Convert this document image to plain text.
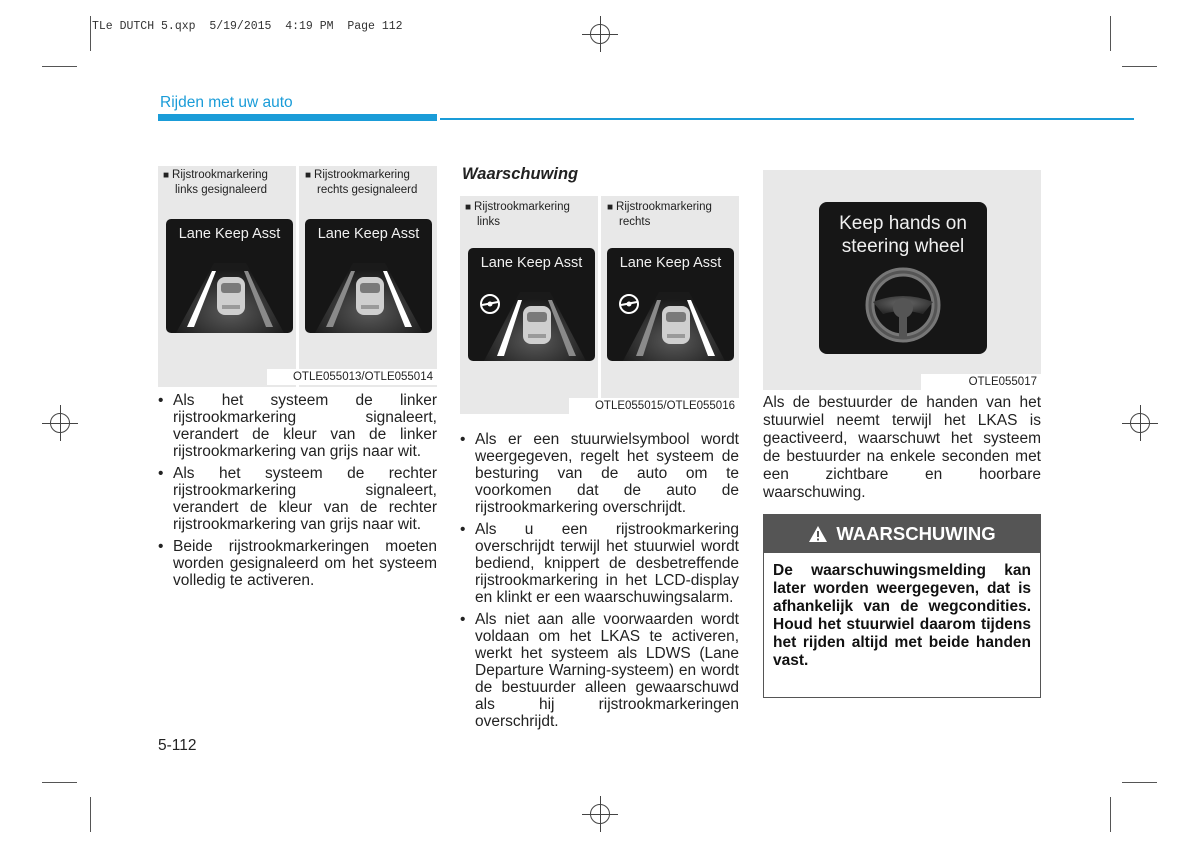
TLe DUTCH 5.qxp  5/19/2015  4:19 PM  Page 112
Rijden met uw auto
■ Rijstrookmarkering
links gesignaleerd
■ Rijstrookmarkering
rechts gesignaleerd
Lane Keep Asst	Lane Keep Asst
OTLE055013/OTLE055014
• Als het systeem de linker rijstrookmarkering signaleert, verandert de kleur van de linker rijstrookmarkering van grijs naar wit.
• Als het systeem de rechter rijstrookmarkering signaleert, verandert de kleur van de rechter rijstrookmarkering van grijs naar wit.
• Beide rijstrookmarkeringen moeten worden gesignaleerd om het systeem volledig te activeren.
Waarschuwing
■ Rijstrookmarkering
links
■ Rijstrookmarkering
rechts
Lane Keep Asst	Lane Keep Asst
OTLE055015/OTLE055016
• Als er een stuurwielsymbool wordt weergegeven, regelt het systeem de besturing van de auto om te voorkomen dat de auto de rijstrookmarkering overschrijdt.
• Als u een rijstrookmarkering overschrijdt terwijl het stuurwiel wordt bediend, knippert de desbetreffende rijstrookmarkering in het LCD-display en klinkt er een waarschuwingsalarm.
• Als niet aan alle voorwaarden wordt voldaan om het LKAS te activeren, werkt het systeem als LDWS (Lane Departure Warning-systeem) en wordt de bestuurder alleen gewaarschuwd als hij rijstrookmarkeringen overschrijdt.
Keep hands on
steering wheel
OTLE055017
Als de bestuurder de handen van het stuurwiel neemt terwijl het LKAS is geactiveerd, waarschuwt het systeem de bestuurder na enkele seconden met een zichtbare en hoorbare waarschuwing.
WAARSCHUWING
De waarschuwingsmelding kan later worden weergegeven, dat is afhankelijk van de wegcondities. Houd het stuurwiel daarom tijdens het rijden altijd met beide handen vast.
5-112
